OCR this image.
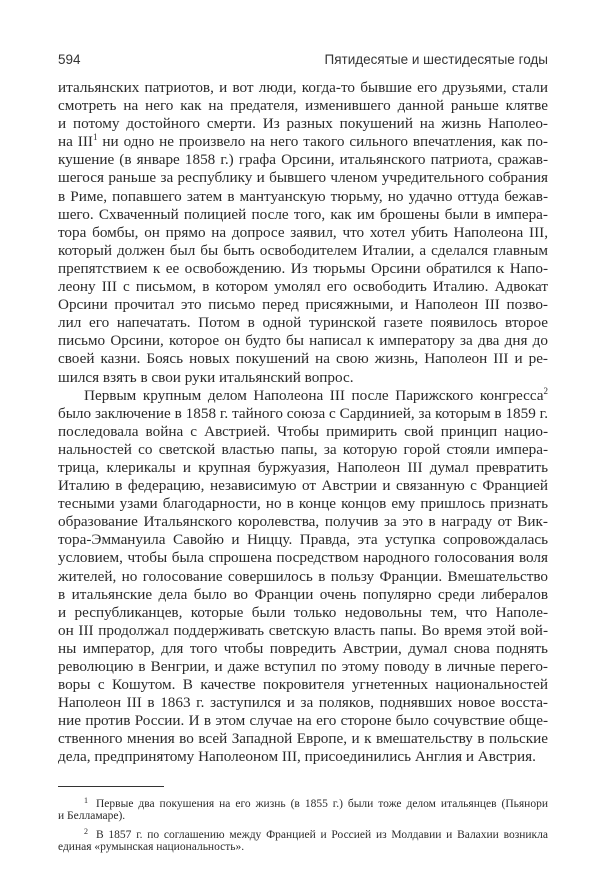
594	Пятидесятые и шестидесятые годы
итальянских патриотов, и вот люди, когда-то бывшие его друзьями, стали
смотреть на него как на предателя, изменившего данной раньше клятве
и потому достойного смерти. Из разных покушений на жизнь Наполео-
на III$^1$ ни одно не произвело на него такого сильного впечатления, как по-
кушение (в январе 1858 г.) графа Орсини, итальянского патриота, сражав-
шегося раньше за республику и бывшего членом учредительного собрания
в Риме, попавшего затем в мантуанскую тюрьму, но удачно оттуда бежав-
шего. Схваченный полицией после того, как им брошены были в импера-
тора бомбы, он прямо на допросе заявил, что хотел убить Наполеона III,
который должен был бы быть освободителем Италии, а сделался главным
препятствием к ее освобождению. Из тюрьмы Орсини обратился к Напо-
леону III с письмом, в котором умолял его освободить Италию. Адвокат
Орсини прочитал это письмо перед присяжными, и Наполеон III позво-
лил его напечатать. Потом в одной туринской газете появилось второе
письмо Орсини, которое он будто бы написал к императору за два дня до
своей казни. Боясь новых покушений на свою жизнь, Наполеон III и ре-
шился взять в свои руки итальянский вопрос.
Первым крупным делом Наполеона III после Парижского конгресса$^2$
было заключение в 1858 г. тайного союза с Сардинией, за которым в 1859 г.
последовала война с Австрией. Чтобы примирить свой принцип нацио-
нальностей со светской властью папы, за которую горой стояли импера-
трица, клерикалы и крупная буржуазия, Наполеон III думал превратить
Италию в федерацию, независимую от Австрии и связанную с Францией
тесными узами благодарности, но в конце концов ему пришлось признать
образование Итальянского королевства, получив за это в награду от Вик-
тора-Эммануила Савойю и Ниццу. Правда, эта уступка сопровождалась
условием, чтобы была спрошена посредством народного голосования воля
жителей, но голосование совершилось в пользу Франции. Вмешательство
в итальянские дела было во Франции очень популярно среди либералов
и республиканцев, которые были только недовольны тем, что Наполе-
он III продолжал поддерживать светскую власть папы. Во время этой вой-
ны император, для того чтобы повредить Австрии, думал снова поднять
революцию в Венгрии, и даже вступил по этому поводу в личные перего-
воры с Кошутом. В качестве покровителя угнетенных национальностей
Наполеон III в 1863 г. заступился и за поляков, поднявших новое восста-
ние против России. И в этом случае на его стороне было сочувствие обще-
ственного мнения во всей Западной Европе, и к вмешательству в польские
дела, предпринятому Наполеоном III, присоединились Англия и Австрия.
$^1$ Первые два покушения на его жизнь (в 1855 г.) были тоже делом итальянцев (Пьянори
и Белламаре).
$^2$ В 1857 г. по соглашению между Францией и Россией из Молдавии и Валахии возникла
единая «румынская национальность».
